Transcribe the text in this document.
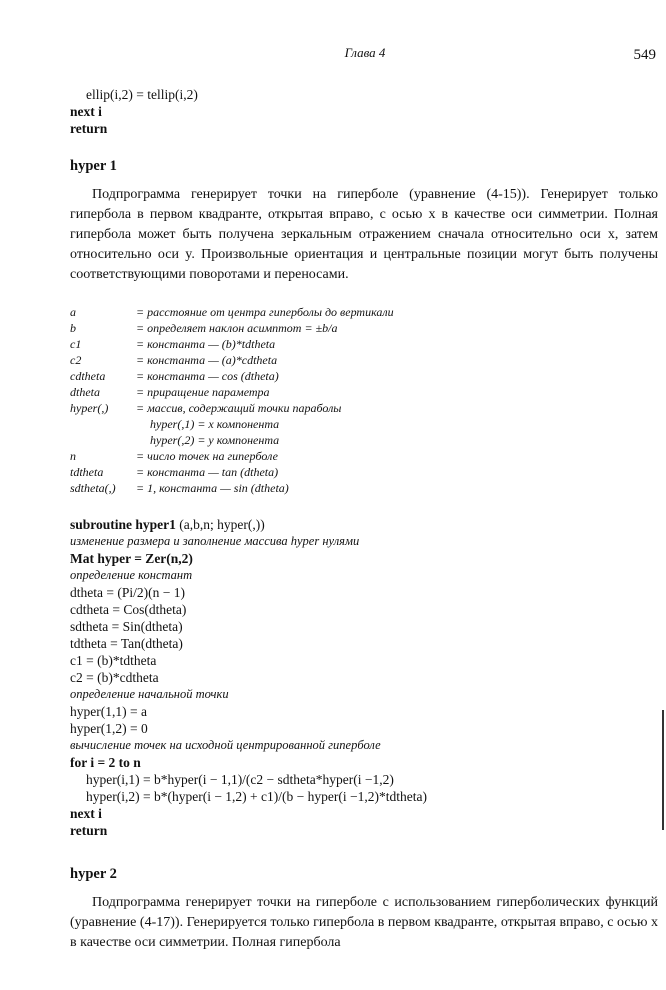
Глава 4	549
ellip(i,2) = tellip(i,2)
next i
return
hyper 1
Подпрограмма генерирует точки на гиперболе (уравнение (4-15)). Генерирует только гипербола в первом квадранте, открытая вправо, с осью x в качестве оси симметрии. Полная гипербола может быть получена зеркальным отражением сначала относительно оси x, затем относительно оси y. Произвольные ориентация и центральные позиции могут быть получены соответствующими поворотами и переносами.
a	= расстояние от центра гиперболы до вертикали
b	= определяет наклон асимптот = ±b/a
c1	= константа — (b)*tdtheta
c2	= константа — (a)*cdtheta
cdtheta	= константа — cos (dtheta)
dtheta	= приращение параметра
hyper(,)	= массив, содержащий точки параболы
hyper(,1) = x компонента
hyper(,2) = y компонента
n	= число точек на гиперболе
tdtheta	= константа — tan (dtheta)
sdtheta(,)	= 1, константа — sin (dtheta)
subroutine hyper1 (a,b,n; hyper(,))
изменение размера и заполнение массива hyper нулями
Mat hyper = Zer(n,2)
определение констант
dtheta = (Pi/2)(n − 1)
cdtheta = Cos(dtheta)
sdtheta = Sin(dtheta)
tdtheta = Tan(dtheta)
c1 = (b)*tdtheta
c2 = (b)*cdtheta
определение начальной точки
hyper(1,1) = a
hyper(1,2) = 0
вычисление точек на исходной центрированной гиперболе
for i = 2 to n
hyper(i,1) = b*hyper(i − 1,1)/(c2 − sdtheta*hyper(i −1,2)
hyper(i,2) = b*(hyper(i − 1,2) + c1)/(b − hyper(i −1,2)*tdtheta)
next i
return
hyper 2
Подпрограмма генерирует точки на гиперболе с использованием гиперболических функций (уравнение (4-17)). Генерируется только гипербола в первом квадранте, открытая вправо, с осью x в качестве оси симметрии. Полная гипербола
